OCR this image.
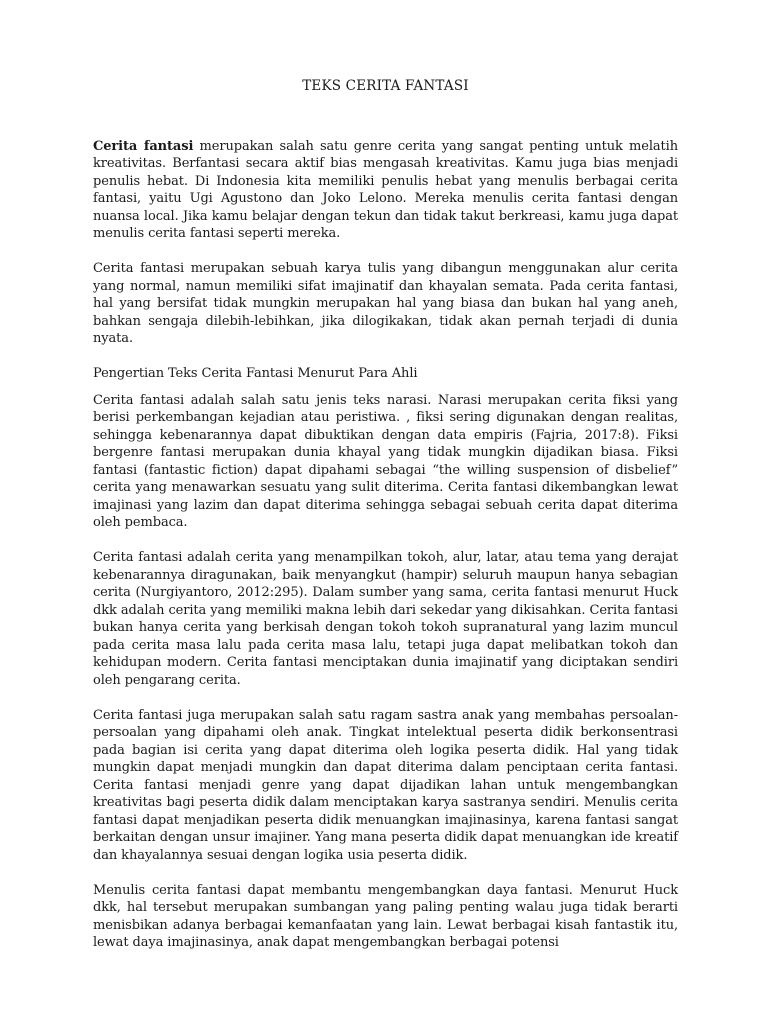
TEKS CERITA FANTASI

Cerita fantasi merupakan salah satu genre cerita yang sangat penting untuk melatih kreativitas. Berfantasi secara aktif bias mengasah kreativitas. Kamu juga bias menjadi penulis hebat. Di Indonesia kita memiliki penulis hebat yang menulis berbagai cerita fantasi, yaitu Ugi Agustono dan Joko Lelono. Mereka menulis cerita fantasi dengan nuansa local. Jika kamu belajar dengan tekun dan tidak takut berkreasi, kamu juga dapat menulis cerita fantasi seperti mereka.

Cerita fantasi merupakan sebuah karya tulis yang dibangun menggunakan alur cerita yang normal, namun memiliki sifat imajinatif dan khayalan semata. Pada cerita fantasi, hal yang bersifat tidak mungkin merupakan hal yang biasa dan bukan hal yang aneh, bahkan sengaja dilebih-lebihkan, jika dilogikakan, tidak akan pernah terjadi di dunia nyata.

Pengertian Teks Cerita Fantasi Menurut Para Ahli

Cerita fantasi adalah salah satu jenis teks narasi. Narasi merupakan cerita fiksi yang berisi perkembangan kejadian atau peristiwa. , fiksi sering digunakan dengan realitas, sehingga kebenarannya dapat dibuktikan dengan data empiris (Fajria, 2017:8). Fiksi bergenre fantasi merupakan dunia khayal yang tidak mungkin dijadikan biasa. Fiksi fantasi (fantastic fiction) dapat dipahami sebagai “the willing suspension of disbelief” cerita yang menawarkan sesuatu yang sulit diterima. Cerita fantasi dikembangkan lewat imajinasi yang lazim dan dapat diterima sehingga sebagai sebuah cerita dapat diterima oleh pembaca.

Cerita fantasi adalah cerita yang menampilkan tokoh, alur, latar, atau tema yang derajat kebenarannya diragunakan, baik menyangkut (hampir) seluruh maupun hanya sebagian cerita (Nurgiyantoro, 2012:295). Dalam sumber yang sama, cerita fantasi menurut Huck dkk adalah cerita yang memiliki makna lebih dari sekedar yang dikisahkan. Cerita fantasi bukan hanya cerita yang berkisah dengan tokoh tokoh supranatural yang lazim muncul pada cerita masa lalu pada cerita masa lalu, tetapi juga dapat melibatkan tokoh dan kehidupan modern. Cerita fantasi menciptakan dunia imajinatif yang diciptakan sendiri oleh pengarang cerita.

Cerita fantasi juga merupakan salah satu ragam sastra anak yang membahas persoalan-persoalan yang dipahami oleh anak. Tingkat intelektual peserta didik berkonsentrasi pada bagian isi cerita yang dapat diterima oleh logika peserta didik. Hal yang tidak mungkin dapat menjadi mungkin dan dapat diterima dalam penciptaan cerita fantasi. Cerita fantasi menjadi genre yang dapat dijadikan lahan untuk mengembangkan kreativitas bagi peserta didik dalam menciptakan karya sastranya sendiri. Menulis cerita fantasi dapat menjadikan peserta didik menuangkan imajinasinya, karena fantasi sangat berkaitan dengan unsur imajiner. Yang mana peserta didik dapat menuangkan ide kreatif dan khayalannya sesuai dengan logika usia peserta didik.

Menulis cerita fantasi dapat membantu mengembangkan daya fantasi. Menurut Huck dkk, hal tersebut merupakan sumbangan yang paling penting walau juga tidak berarti menisbikan adanya berbagai kemanfaatan yang lain. Lewat berbagai kisah fantastik itu, lewat daya imajinasinya, anak dapat mengembangkan berbagai potensi
